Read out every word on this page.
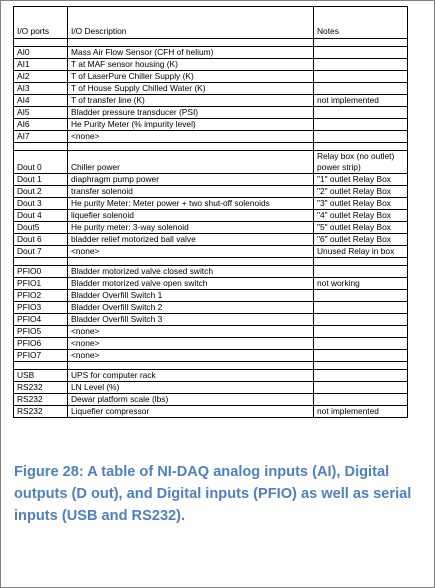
I/O ports	I/O Description	Notes

AI0	Mass Air Flow Sensor (CFH of helium)	
AI1	T at MAF sensor housing (K)	
AI2	T of LaserPure Chiller Supply (K)	
AI3	T of House Supply Chilled Water (K)	
AI4	T of transfer line (K)	not implemented
AI5	Bladder pressure transducer (PSI)	
AI6	He Purity Meter (% impurity level)	
AI7	<none>	

Dout 0	Chiller power	Relay box (no outlet) power strip)
Dout 1	diaphragm pump power	"1" outlet Relay Box
Dout 2	transfer solenoid	"2" outlet Relay Box
Dout 3	He purity Meter: Meter power + two shut-off solenoids	"3" outlet Relay Box
Dout 4	liquefier solenoid	"4" outlet Relay Box
Dout5	He purity meter: 3-way solenoid	"5" outlet Relay Box
Dout 6	bladder relief motorized ball valve	"6" outlet Relay Box
Dout 7	<none>	Unused Relay in box

PFIO0	Bladder motorized valve closed switch	
PFIO1	Bladder motorized valve open switch	not working
PFIO2	Bladder Overfill Switch 1	
PFIO3	Bladder Overfill Switch 2	
PFIO4	Bladder Overfill Switch 3	
PFIO5	<none>	
PFIO6	<none>	
PFIO7	<none>	

USB	UPS for computer rack	
RS232	LN Level (%)	
RS232	Dewar platform scale (lbs)	
RS232	Liquefier compressor	not implemented
Figure 28: A table of NI-DAQ analog inputs (AI), Digital outputs (D out), and Digital inputs (PFIO) as well as serial inputs (USB and RS232).
